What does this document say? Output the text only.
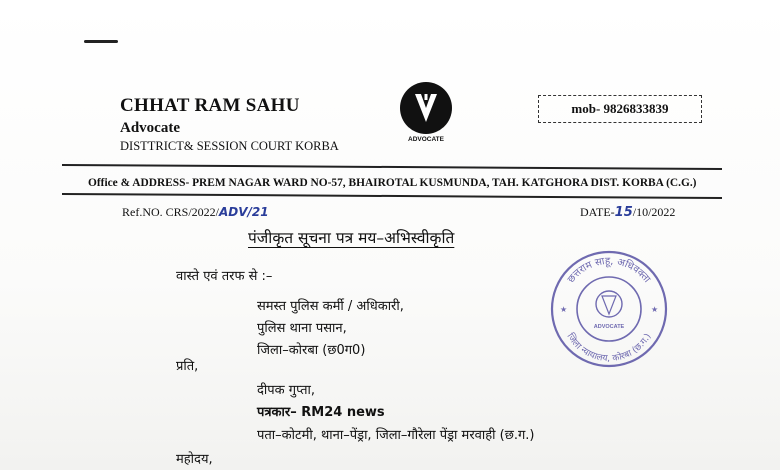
CHHAT RAM SAHU
Advocate
DISTTRICT& SESSION COURT KORBA	ADVOCATE
mob- 9826833839
Office & ADDRESS- PREM NAGAR WARD NO-57, BHAIROTAL KUSMUNDA, TAH. KATGHORA DIST. KORBA (C.G.)
Ref.NO. CRS/2022/ADV/21	DATE-15/10/2022
पंजीकृत सूचना पत्र मय–अभिस्वीकृति
वास्ते एवं तरफ से :–
समस्त पुलिस कर्मी / अधिकारी,
पुलिस थाना पसान,
जिला–कोरबा (छ0ग0)
प्रति,
दीपक गुप्ता,
पत्रकार– RM24 news
पता–कोटमी, थाना–पेंड्रा, जिला–गौरेला पेंड्रा मरवाही (छ.ग.)
महोदय,
छत्तराम साहू, अधिवक्ता
जिला न्यायालय, कोरबा (छ.ग.)
ADVOCATE
★	★
